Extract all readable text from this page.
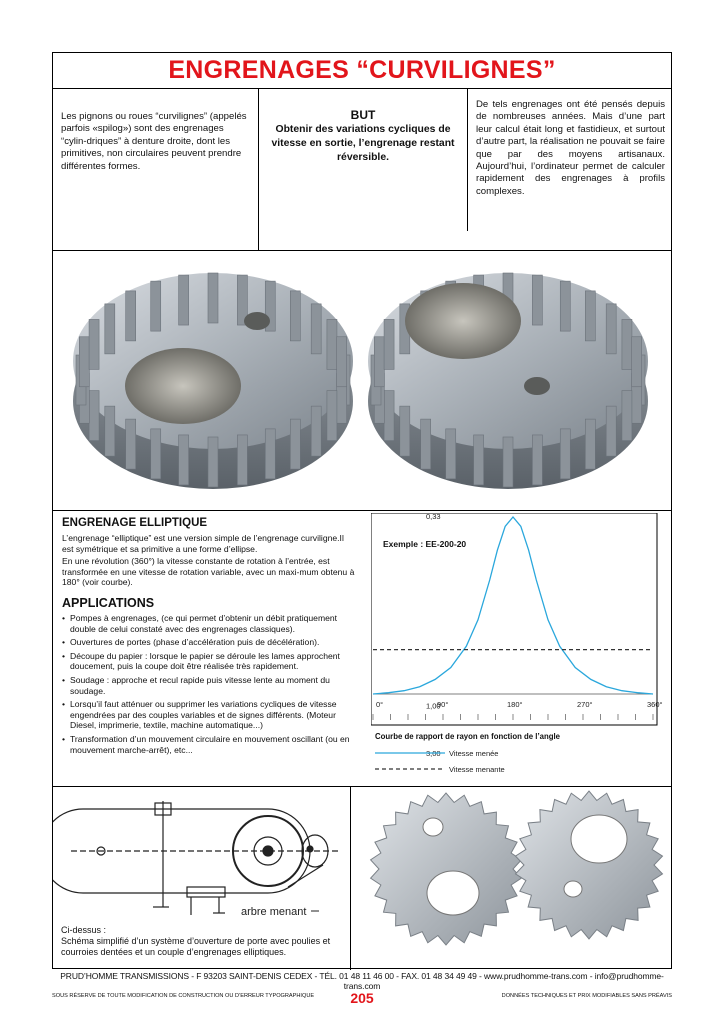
ENGRENAGES “CURVILIGNES”
Les pignons ou roues “curvilignes” (appelés parfois «spilog») sont des engrenages “cylin-driques” à denture droite, dont les primitives, non circulaires peuvent prendre différentes formes.
BUT
Obtenir des variations cycliques de vitesse en sortie, l’engrenage restant réversible.
De tels engrenages ont été pensés depuis de nombreuses années. Mais d’une part leur calcul était long et fastidieux, et surtout d’autre part, la réalisation ne pouvait se faire que par des moyens artisanaux. Aujourd’hui, l’ordinateur permet de calculer rapidement des engrenages à profils complexes.
ENGRENAGE ELLIPTIQUE

L’engrenage “elliptique” est une version simple de l’engrenage curviligne.Il est symétrique et sa primitive a une forme d’ellipse.

En une révolution (360°) la vitesse constante de rotation à l’entrée, est transformée en une vitesse de rotation variable, avec un maxi-mum obtenu à 180° (voir courbe).

APPLICATIONS
• Pompes à engrenages, (ce qui permet d’obtenir un débit pratiquement double de celui constaté avec des engrenages classiques).
• Ouvertures de portes (phase d’accélération puis de décélération).
• Découpe du papier : lorsque le papier se déroule les lames approchent doucement, puis la coupe doit être réalisée très rapidement.
• Soudage : approche et recul rapide puis vitesse lente au moment du soudage.
• Lorsqu’il faut atténuer ou supprimer les variations cycliques de vitesse engendrées par des couples variables et de signes différents. (Moteur Diesel, imprimerie, textile, machine automatique...)
• Transformation d’un mouvement circulaire en mouvement oscillant (ou en mouvement marche-arrêt), etc...
0,33
1,00
3,00
Exemple : EE-200-20
0°	90°	180°	270°	360°
Courbe de rapport de rayon en fonction de l’angle
Vitesse menée
Vitesse menante
arbre menant
Ci-dessus :
Schéma simplifié d’un système d’ouverture de porte avec poulies et courroies dentées et un couple d’engrenages elliptiques.
PRUD’HOMME TRANSMISSIONS - F 93203 SAINT-DENIS CEDEX - TÉL. 01 48 11 46 00 - FAX. 01 48 34 49 49 - www.prudhomme-trans.com - info@prudhomme-trans.com
SOUS RÉSERVE DE TOUTE MODIFICATION DE CONSTRUCTION OU D’ERREUR TYPOGRAPHIQUE	DONNÉES TECHNIQUES ET PRIX MODIFIABLES SANS PRÉAVIS
205
